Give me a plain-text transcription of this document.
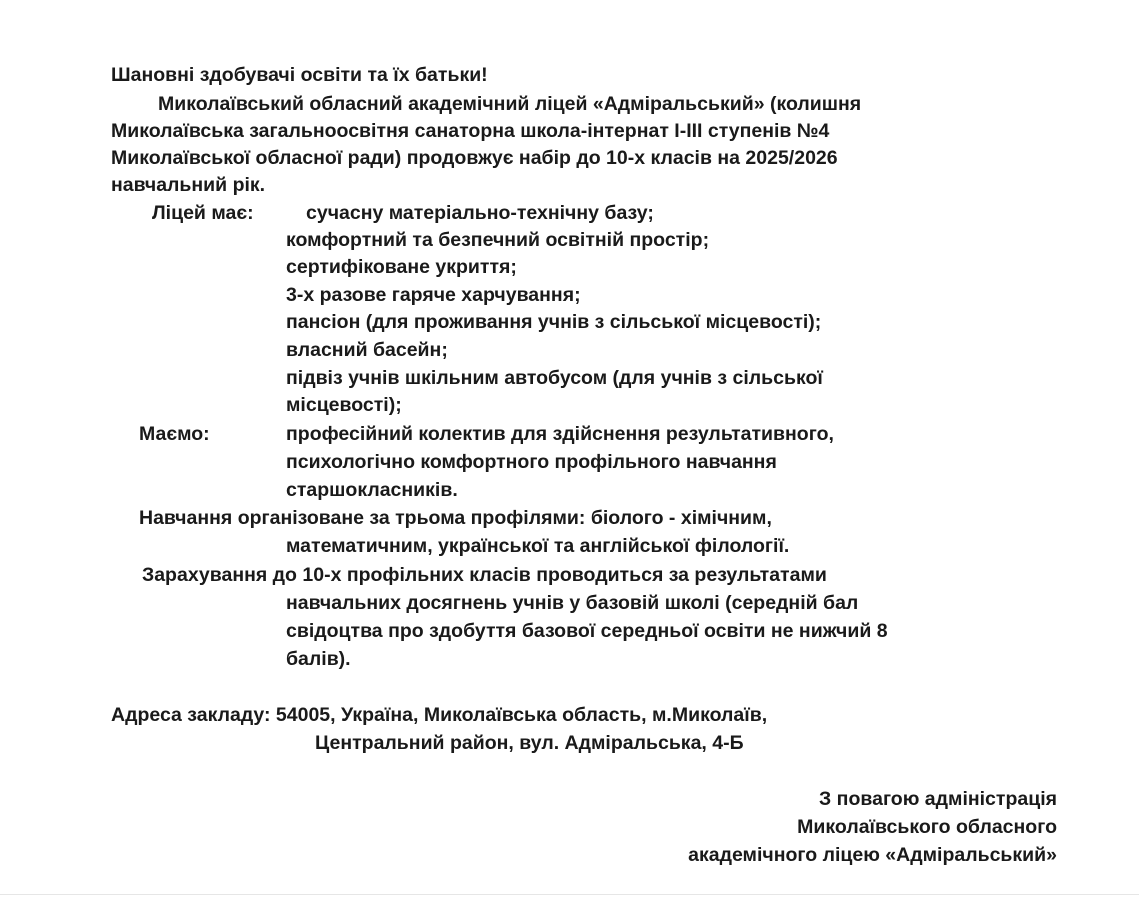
Шановні здобувачі освіти та їх батьки!

Миколаївський обласний академічний ліцей «Адміральський» (колишня

Миколаївська загальноосвітня санаторна школа-інтернат I-III ступенів №4

Миколаївської обласної ради) продовжує набір до 10-х класів на 2025/2026

навчальний рік.

Ліцей має:	сучасну матеріально-технічну базу;

комфортний та безпечний освітній простір;

сертифіковане укриття;

3-х разове гаряче харчування;

пансіон (для проживання учнів з сільської місцевості);

власний басейн;

підвіз учнів шкільним автобусом (для учнів з сільської

місцевості);

Маємо:	професійний колектив для здійснення результативного,

психологічно комфортного профільного навчання

старшокласників.

Навчання організоване за трьома профілями: біолого - хімічним,

математичним, української та англійської філології.

Зарахування до 10-х профільних класів проводиться за результатами

навчальних досягнень учнів у базовій школі (середній бал

свідоцтва про здобуття базової середньої освіти не нижчий 8

балів).

Адреса закладу: 54005, Україна, Миколаївська область, м.Миколаїв,

Центральний район, вул. Адміральська, 4-Б

З повагою адміністрація

Миколаївського обласного

академічного ліцею «Адміральський»
